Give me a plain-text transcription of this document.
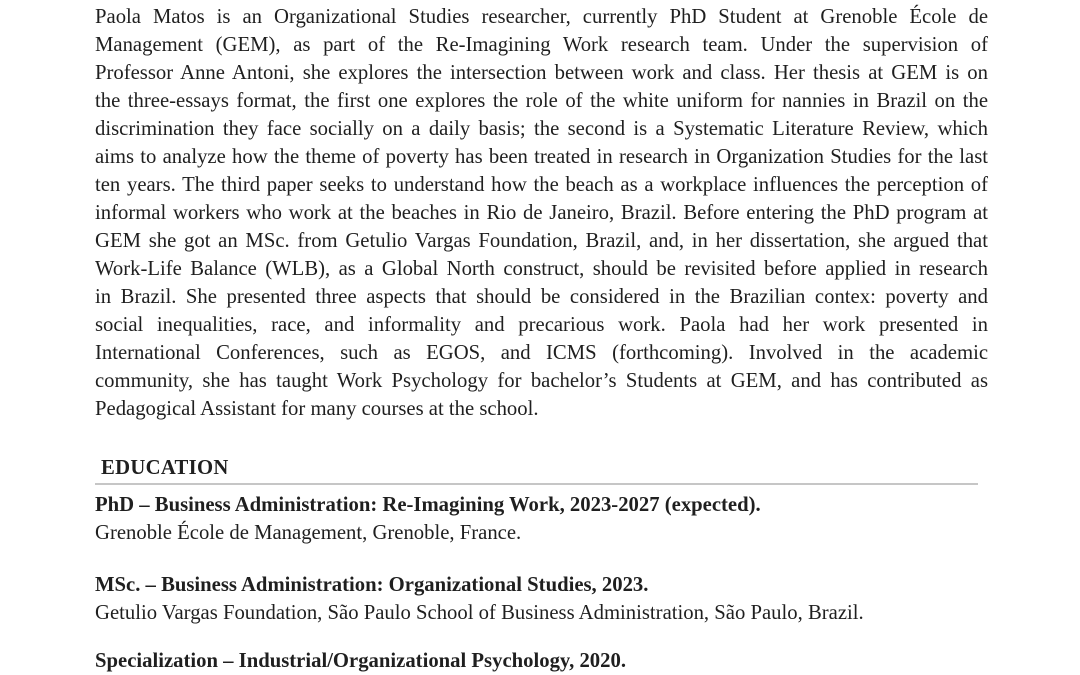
Paola Matos is an Organizational Studies researcher, currently PhD Student at Grenoble École de
Management (GEM), as part of the Re-Imagining Work research team. Under the supervision of
Professor Anne Antoni, she explores the intersection between work and class. Her thesis at GEM is on
the three-essays format, the first one explores the role of the white uniform for nannies in Brazil on the
discrimination they face socially on a daily basis; the second is a Systematic Literature Review, which
aims to analyze how the theme of poverty has been treated in research in Organization Studies for the last
ten years. The third paper seeks to understand how the beach as a workplace influences the perception of
informal workers who work at the beaches in Rio de Janeiro, Brazil. Before entering the PhD program at
GEM she got an MSc. from Getulio Vargas Foundation, Brazil, and, in her dissertation, she argued that
Work-Life Balance (WLB), as a Global North construct, should be revisited before applied in research
in Brazil. She presented three aspects that should be considered in the Brazilian contex: poverty and
social inequalities, race, and informality and precarious work. Paola had her work presented in
International Conferences, such as EGOS, and ICMS (forthcoming). Involved in the academic
community, she has taught Work Psychology for bachelor’s Students at GEM, and has contributed as
Pedagogical Assistant for many courses at the school.
EDUCATION
PhD – Business Administration: Re-Imagining Work, 2023-2027 (expected).
Grenoble École de Management, Grenoble, France.
MSc. – Business Administration: Organizational Studies, 2023.
Getulio Vargas Foundation, São Paulo School of Business Administration, São Paulo, Brazil.
Specialization – Industrial/Organizational Psychology, 2020.
